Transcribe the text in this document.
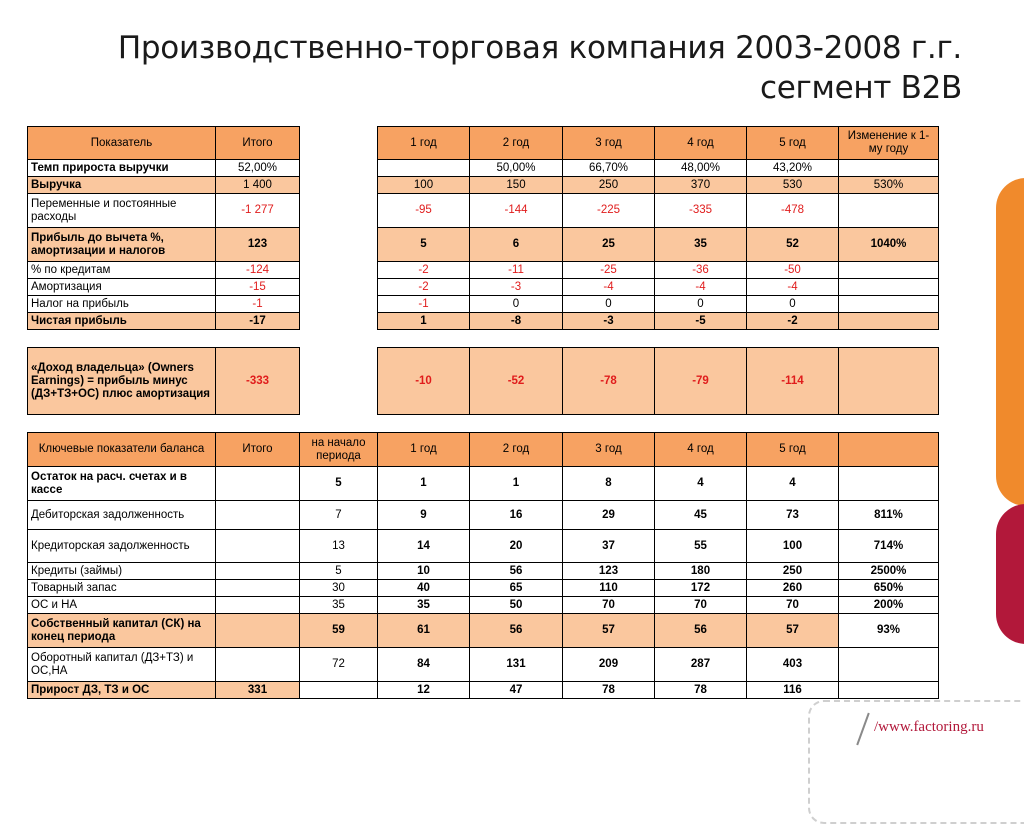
Производственно-торговая компания 2003-2008 г.г.
сегмент В2В
Показатель	Итого		1 год	2 год	3 год	4 год	5 год	Изменение к 1-му году
Темп прироста выручки	52,00%			50,00%	66,70%	48,00%	43,20%	
Выручка	1 400		100	150	250	370	530	530%
Переменные и постоянные расходы	-1 277		-95	-144	-225	-335	-478	
Прибыль до вычета %, амортизации и налогов	123		5	6	25	35	52	1040%
% по кредитам	-124		-2	-11	-25	-36	-50	
Амортизация	-15		-2	-3	-4	-4	-4	
Налог на прибыль	-1		-1	0	0	0	0	
Чистая прибыль	-17		1	-8	-3	-5	-2	
«Доход владельца» (Owners Earnings) = прибыль минус (ДЗ+ТЗ+ОС) плюс амортизация	-333		-10	-52	-78	-79	-114	
Ключевые показатели баланса	Итого	на начало периода	1 год	2 год	3 год	4 год	5 год	
Остаток на расч. счетах и в кассе		5	1	1	8	4	4	
Дебиторская задолженность		7	9	16	29	45	73	811%
Кредиторская задолженность		13	14	20	37	55	100	714%
Кредиты (займы)		5	10	56	123	180	250	2500%
Товарный запас		30	40	65	110	172	260	650%
ОС и НА		35	35	50	70	70	70	200%
Собственный капитал (СК) на конец периода		59	61	56	57	56	57	93%
Оборотный капитал (ДЗ+ТЗ) и ОС,НА		72	84	131	209	287	403	
Прирост ДЗ, ТЗ и ОС	331		12	47	78	78	116	
/www.factoring.ru
